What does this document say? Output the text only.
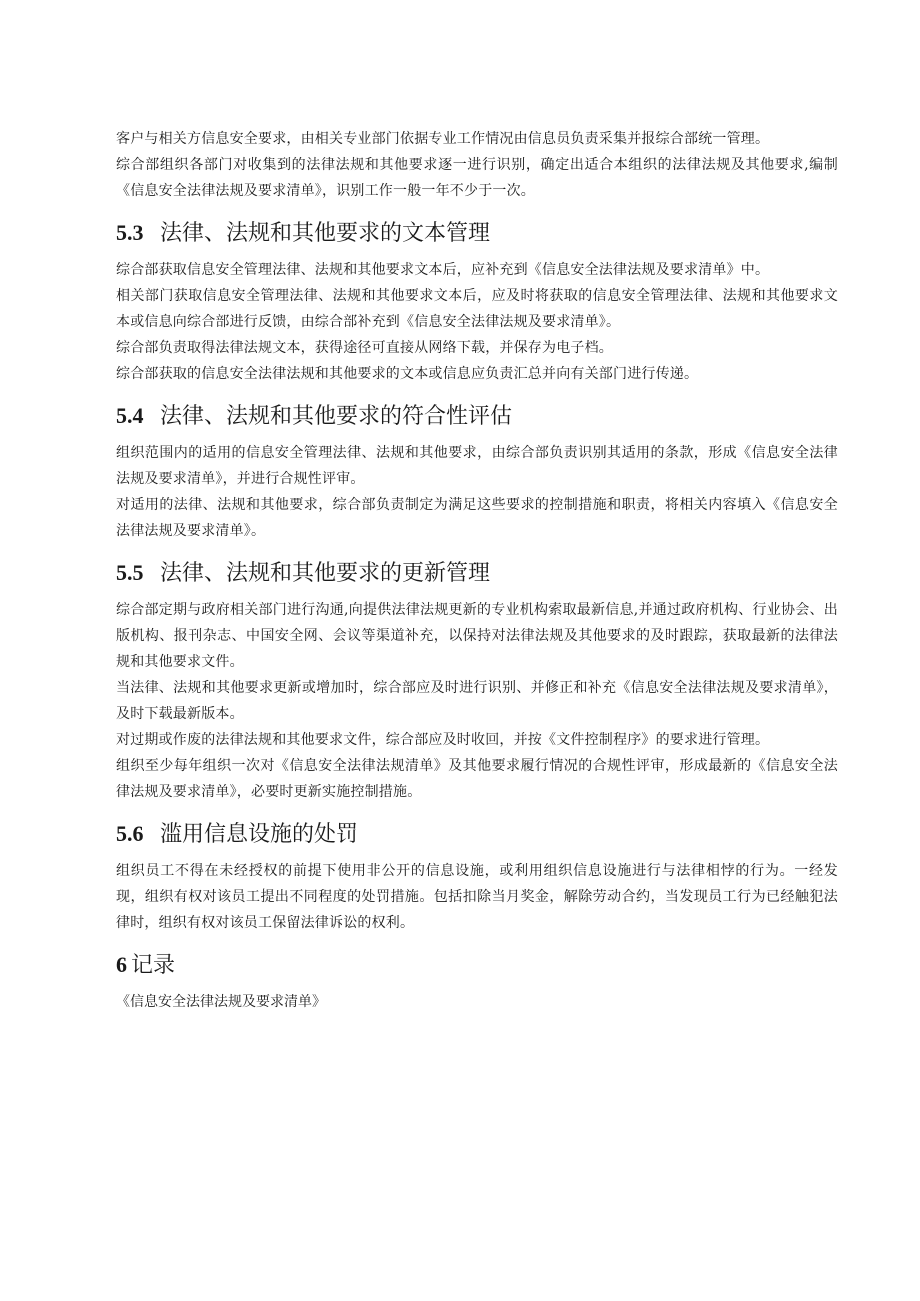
客户与相关方信息安全要求，由相关专业部门依据专业工作情况由信息员负责采集并报综合部统一管理。

综合部组织各部门对收集到的法律法规和其他要求逐一进行识别，确定出适合本组织的法律法规及其他要求,编制《信息安全法律法规及要求清单》，识别工作一般一年不少于一次。

5.3 法律、法规和其他要求的文本管理

综合部获取信息安全管理法律、法规和其他要求文本后，应补充到《信息安全法律法规及要求清单》中。

相关部门获取信息安全管理法律、法规和其他要求文本后，应及时将获取的信息安全管理法律、法规和其他要求文本或信息向综合部进行反馈，由综合部补充到《信息安全法律法规及要求清单》。

综合部负责取得法律法规文本，获得途径可直接从网络下载，并保存为电子档。

综合部获取的信息安全法律法规和其他要求的文本或信息应负责汇总并向有关部门进行传递。

5.4 法律、法规和其他要求的符合性评估

组织范围内的适用的信息安全管理法律、法规和其他要求，由综合部负责识别其适用的条款，形成《信息安全法律法规及要求清单》，并进行合规性评审。

对适用的法律、法规和其他要求，综合部负责制定为满足这些要求的控制措施和职责，将相关内容填入《信息安全法律法规及要求清单》。

5.5 法律、法规和其他要求的更新管理

综合部定期与政府相关部门进行沟通,向提供法律法规更新的专业机构索取最新信息,并通过政府机构、行业协会、出版机构、报刊杂志、中国安全网、会议等渠道补充，以保持对法律法规及其他要求的及时跟踪，获取最新的法律法规和其他要求文件。

当法律、法规和其他要求更新或增加时，综合部应及时进行识别、并修正和补充《信息安全法律法规及要求清单》，及时下载最新版本。

对过期或作废的法律法规和其他要求文件，综合部应及时收回，并按《文件控制程序》的要求进行管理。

组织至少每年组织一次对《信息安全法律法规清单》及其他要求履行情况的合规性评审，形成最新的《信息安全法律法规及要求清单》，必要时更新实施控制措施。

5.6 滥用信息设施的处罚

组织员工不得在未经授权的前提下使用非公开的信息设施，或利用组织信息设施进行与法律相悖的行为。一经发现，组织有权对该员工提出不同程度的处罚措施。包括扣除当月奖金，解除劳动合约，当发现员工行为已经触犯法律时，组织有权对该员工保留法律诉讼的权利。

6 记录

《信息安全法律法规及要求清单》
